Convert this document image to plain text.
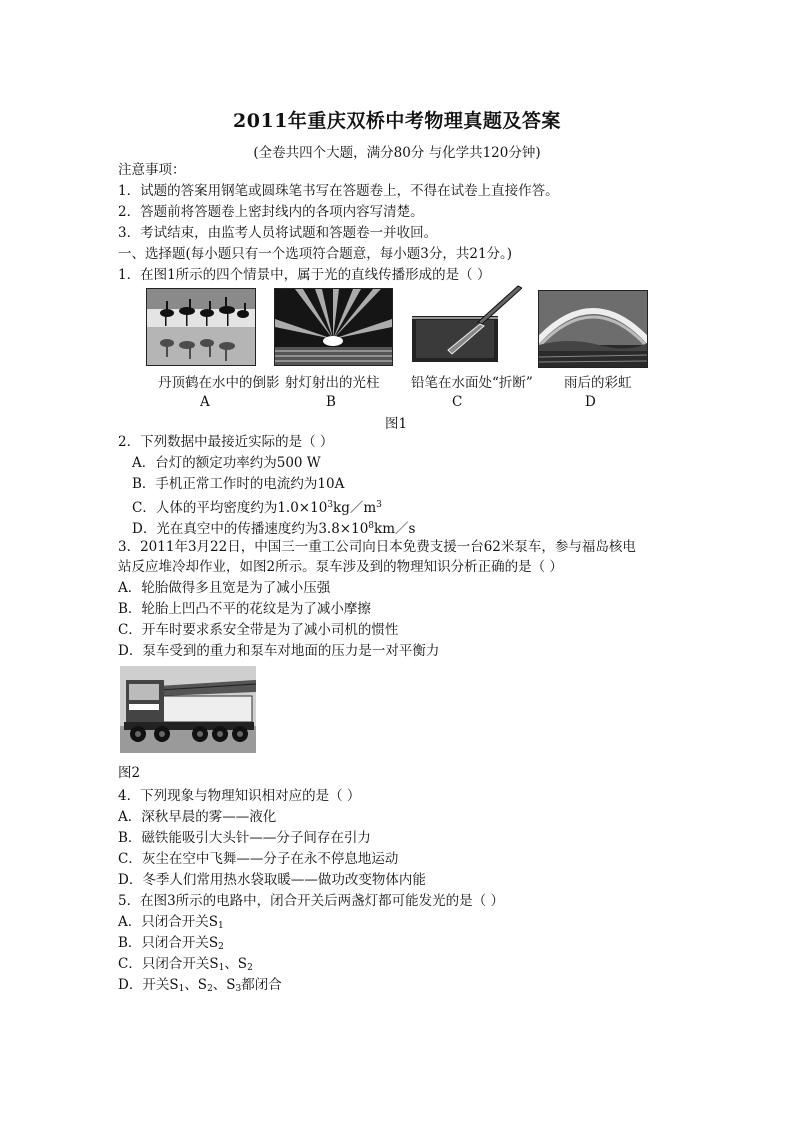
2011年重庆双桥中考物理真题及答案
(全卷共四个大题，满分80分 与化学共120分钟)
注意事项：
1．试题的答案用钢笔或圆珠笔书写在答题卷上，不得在试卷上直接作答。
2．答题前将答题卷上密封线内的各项内容写清楚。
3．考试结束，由监考人员将试题和答题卷一并收回。
一、选择题(每小题只有一个选项符合题意，每小题3分，共21分。)
1．在图1所示的四个情景中，属于光的直线传播形成的是（ ）
丹顶鹤在水中的倒影 射灯射出的光柱 铅笔在水面处“折断” 雨后的彩虹
A	B	C	D
图1
2．下列数据中最接近实际的是（ ）
A．台灯的额定功率约为500 W
B．手机正常工作时的电流约为10A
C．人体的平均密度约为$1.0\times 10^3kg/m^3$
D．光在真空中的传播速度约为$3.8\times 10^8km/s$
3．2011年3月22日，中国三一重工公司向日本免费支援一台62米泵车，参与福岛核电
站反应堆冷却作业，如图2所示。泵车涉及到的物理知识分析正确的是（ ）
A．轮胎做得多且宽是为了减小压强
B．轮胎上凹凸不平的花纹是为了减小摩擦
C．开车时要求系安全带是为了减小司机的惯性
D．泵车受到的重力和泵车对地面的压力是一对平衡力
图2
4．下列现象与物理知识相对应的是（ ）
A．深秋早晨的雾——液化
B．磁铁能吸引大头针——分子间存在引力
C．灰尘在空中飞舞——分子在永不停息地运动
D．冬季人们常用热水袋取暖——做功改变物体内能
5．在图3所示的电路中，闭合开关后两盏灯都可能发光的是（ ）
A．只闭合开关$S_1$
B．只闭合开关$S_2$
C．只闭合开关$S_1$、$S_2$
D．开关$S_1$、$S_2$、$S_3$都闭合
